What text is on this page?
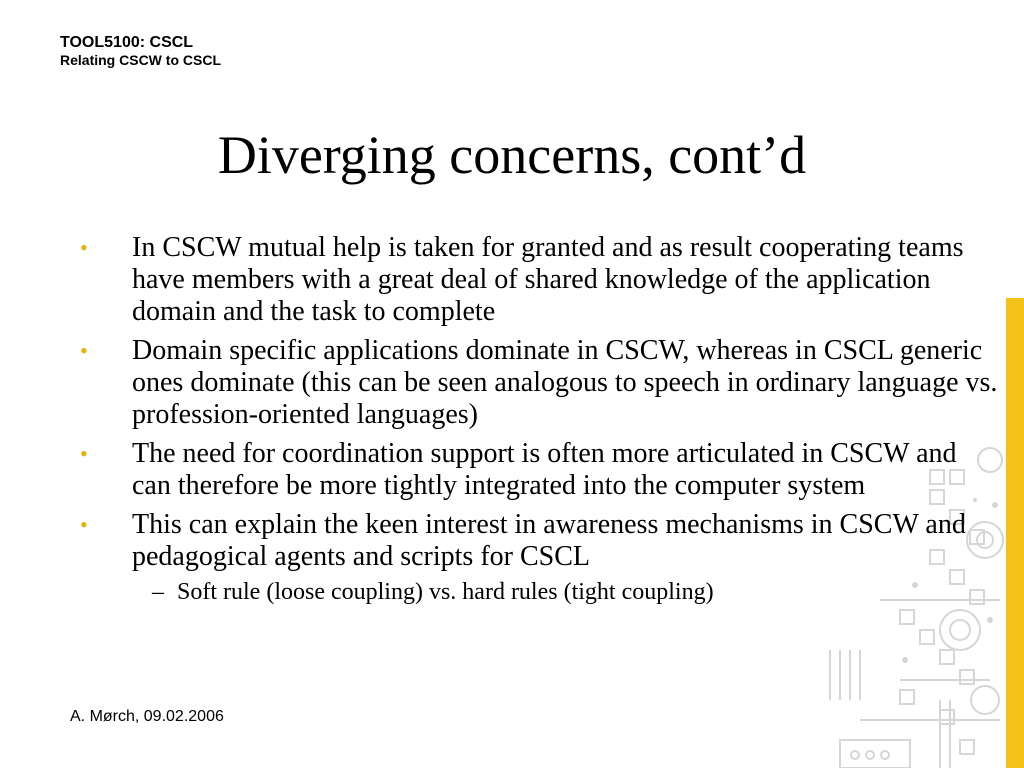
TOOL5100: CSCL
Relating CSCW to CSCL
Diverging concerns, cont’d
• In CSCW mutual help is taken for granted and as result cooperating teams have members with a great deal of shared knowledge of the application domain and the task to complete
• Domain specific applications dominate in CSCW, whereas in CSCL generic ones dominate (this can be seen analogous to speech in ordinary language vs. profession-oriented languages)
• The need for coordination support is often more articulated in CSCW and can therefore be more tightly integrated into the computer system
• This can explain the keen interest in awareness mechanisms in CSCW and pedagogical agents and scripts for CSCL
– Soft rule (loose coupling) vs. hard rules (tight coupling)
A. Mørch, 09.02.2006
